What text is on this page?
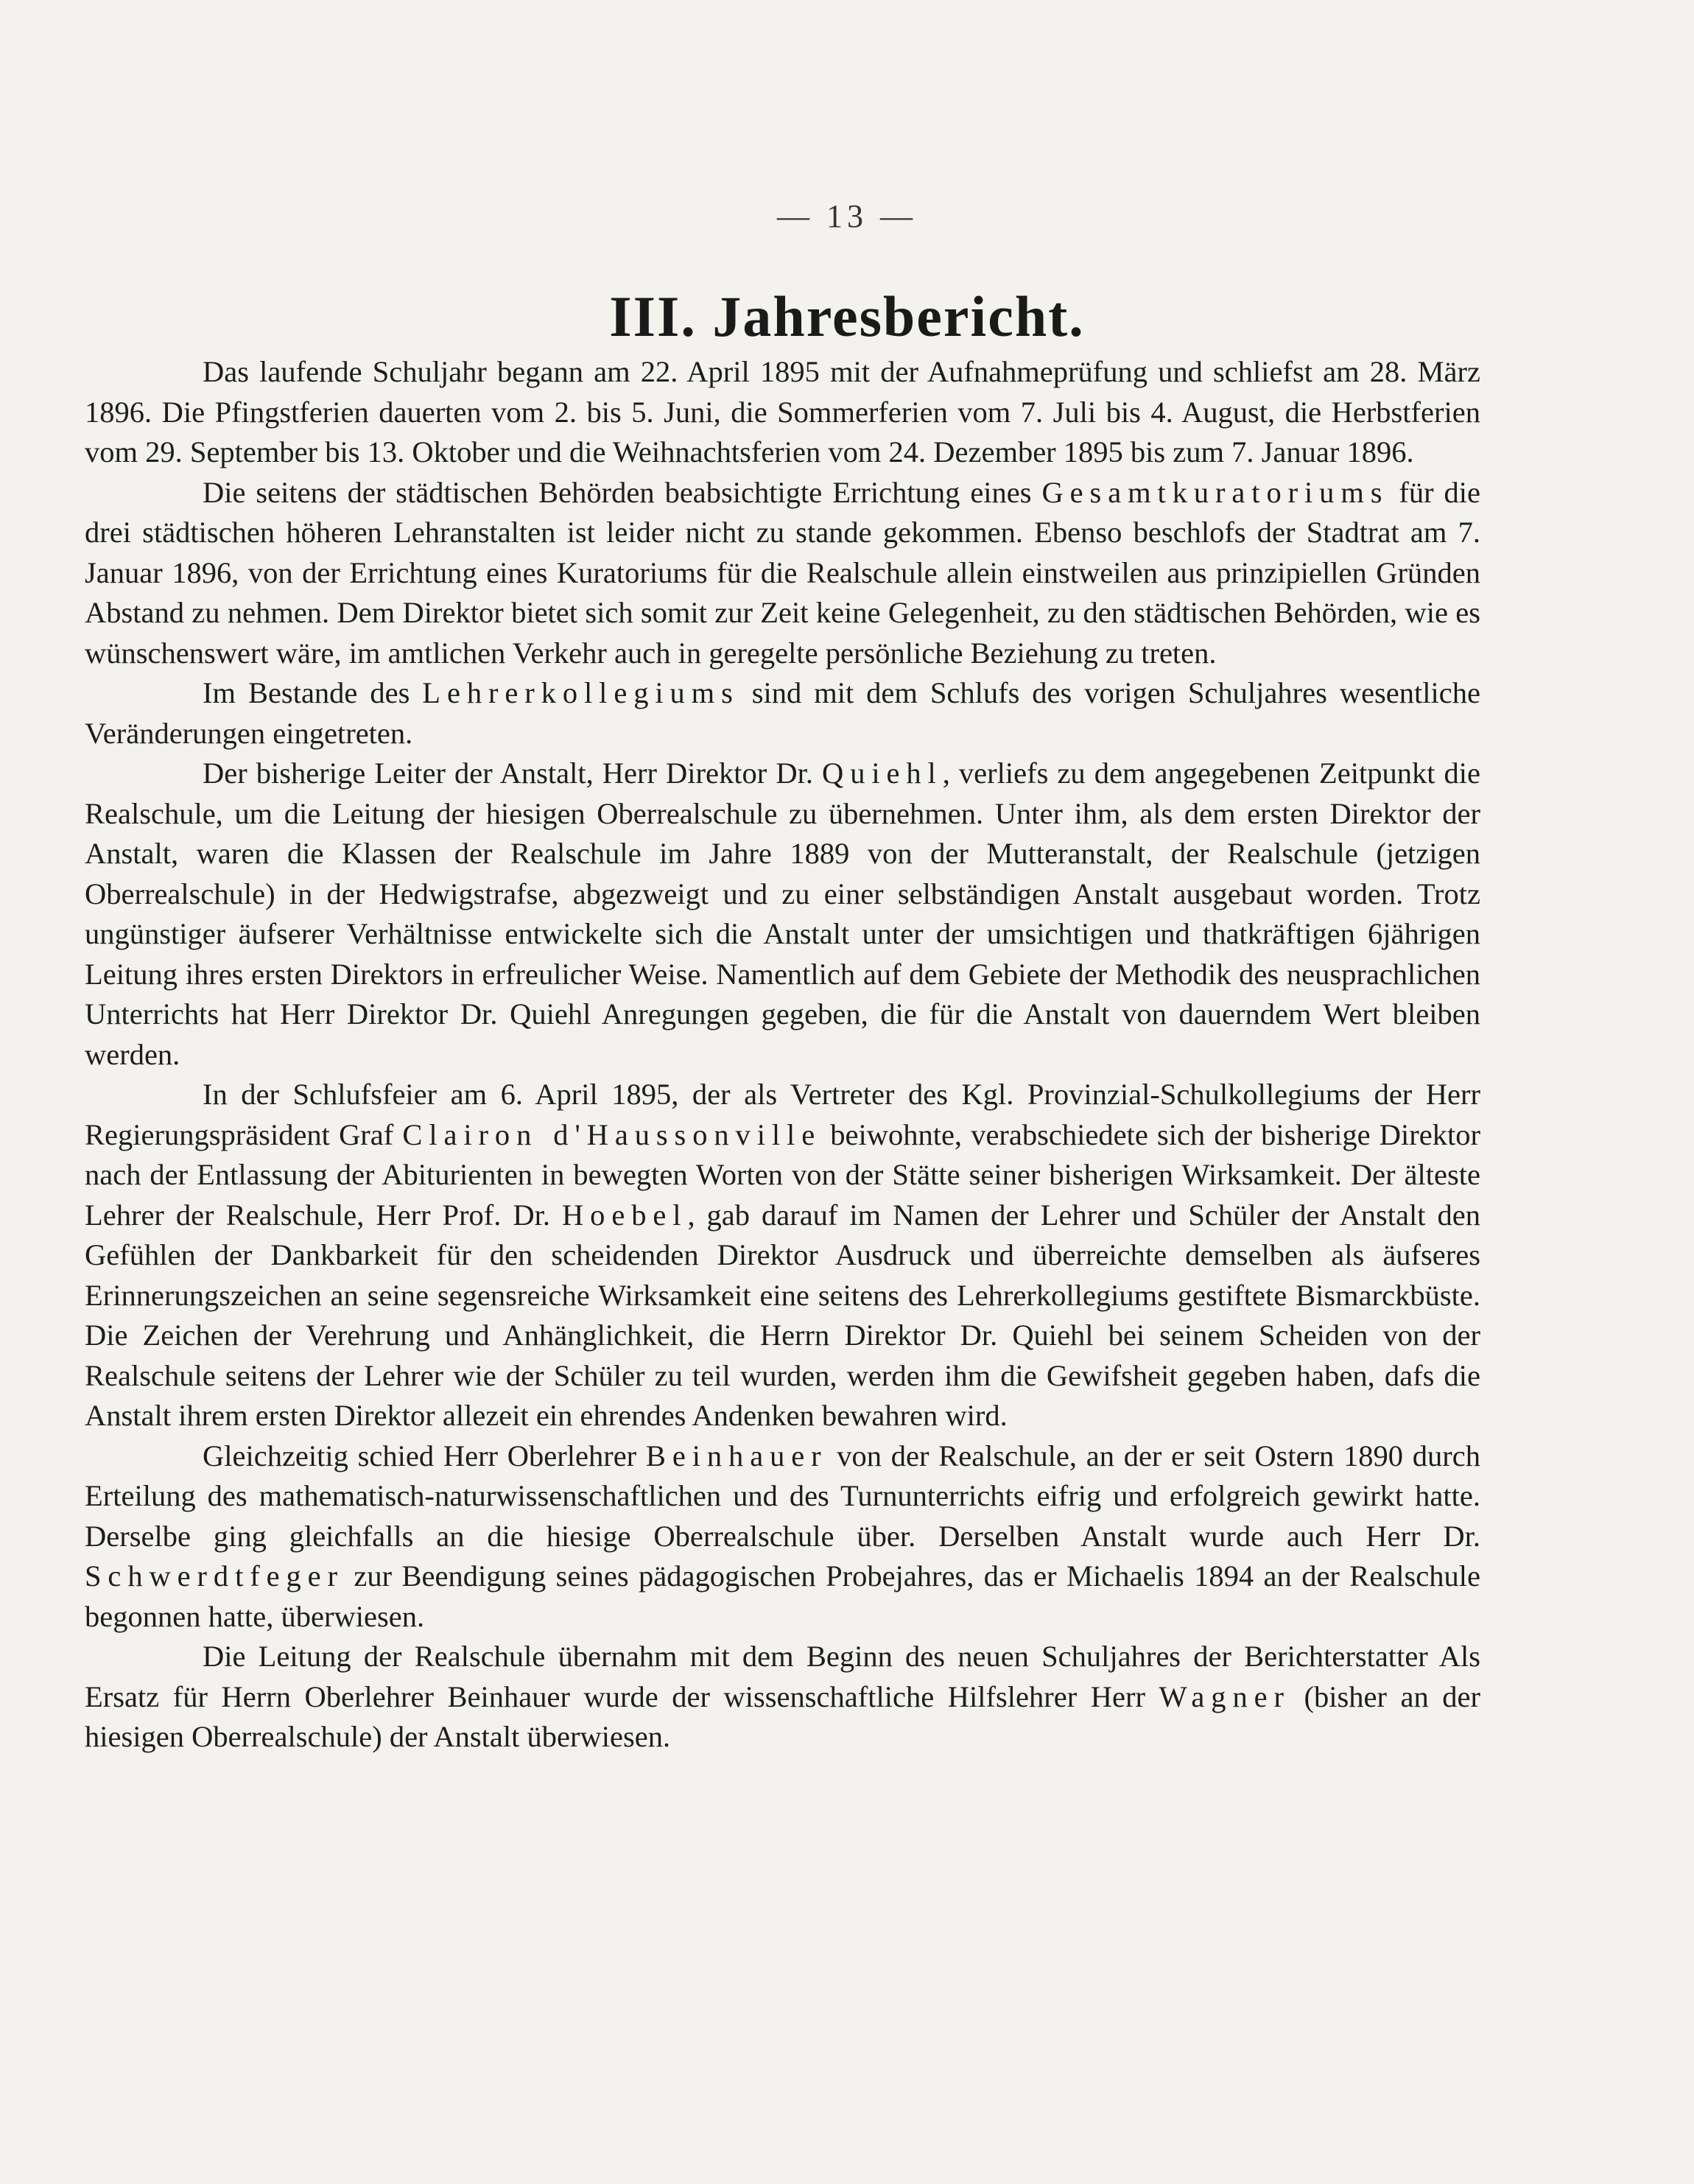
— 13 —
III. Jahresbericht.

Das laufende Schuljahr begann am 22. April 1895 mit der Aufnahmeprüfung und schliefst am 28. März 1896. Die Pfingstferien dauerten vom 2. bis 5. Juni, die Sommerferien vom 7. Juli bis 4. August, die Herbstferien vom 29. September bis 13. Oktober und die Weihnachtsferien vom 24. Dezember 1895 bis zum 7. Januar 1896.

Die seitens der städtischen Behörden beabsichtigte Errichtung eines Gesamtkuratoriums für die drei städtischen höheren Lehranstalten ist leider nicht zu stande gekommen. Ebenso beschlofs der Stadtrat am 7. Januar 1896, von der Errichtung eines Kuratoriums für die Realschule allein einstweilen aus prinzipiellen Gründen Abstand zu nehmen. Dem Direktor bietet sich somit zur Zeit keine Gelegenheit, zu den städtischen Behörden, wie es wünschenswert wäre, im amtlichen Verkehr auch in geregelte persönliche Beziehung zu treten.

Im Bestande des Lehrerkollegiums sind mit dem Schlufs des vorigen Schuljahres wesentliche Veränderungen eingetreten.

Der bisherige Leiter der Anstalt, Herr Direktor Dr. Quiehl, verliefs zu dem angegebenen Zeitpunkt die Realschule, um die Leitung der hiesigen Oberrealschule zu übernehmen. Unter ihm, als dem ersten Direktor der Anstalt, waren die Klassen der Realschule im Jahre 1889 von der Mutteranstalt, der Realschule (jetzigen Oberrealschule) in der Hedwigstrafse, abgezweigt und zu einer selbständigen Anstalt ausgebaut worden. Trotz ungünstiger äufserer Verhältnisse entwickelte sich die Anstalt unter der umsichtigen und thatkräftigen 6jährigen Leitung ihres ersten Direktors in erfreulicher Weise. Namentlich auf dem Gebiete der Methodik des neusprachlichen Unterrichts hat Herr Direktor Dr. Quiehl Anregungen gegeben, die für die Anstalt von dauerndem Wert bleiben werden.

In der Schlufsfeier am 6. April 1895, der als Vertreter des Kgl. Provinzial-Schulkollegiums der Herr Regierungspräsident Graf Clairon d'Haussonville beiwohnte, verabschiedete sich der bisherige Direktor nach der Entlassung der Abiturienten in bewegten Worten von der Stätte seiner bisherigen Wirksamkeit. Der älteste Lehrer der Realschule, Herr Prof. Dr. Hoebel, gab darauf im Namen der Lehrer und Schüler der Anstalt den Gefühlen der Dankbarkeit für den scheidenden Direktor Ausdruck und überreichte demselben als äufseres Erinnerungszeichen an seine segensreiche Wirksamkeit eine seitens des Lehrerkollegiums gestiftete Bismarckbüste. Die Zeichen der Verehrung und Anhänglichkeit, die Herrn Direktor Dr. Quiehl bei seinem Scheiden von der Realschule seitens der Lehrer wie der Schüler zu teil wurden, werden ihm die Gewifsheit gegeben haben, dafs die Anstalt ihrem ersten Direktor allezeit ein ehrendes Andenken bewahren wird.

Gleichzeitig schied Herr Oberlehrer Beinhauer von der Realschule, an der er seit Ostern 1890 durch Erteilung des mathematisch-naturwissenschaftlichen und des Turnunterrichts eifrig und erfolgreich gewirkt hatte. Derselbe ging gleichfalls an die hiesige Oberrealschule über. Derselben Anstalt wurde auch Herr Dr. Schwerdtfeger zur Beendigung seines pädagogischen Probejahres, das er Michaelis 1894 an der Realschule begonnen hatte, überwiesen.

Die Leitung der Realschule übernahm mit dem Beginn des neuen Schuljahres der Berichterstatter Als Ersatz für Herrn Oberlehrer Beinhauer wurde der wissenschaftliche Hilfslehrer Herr Wagner (bisher an der hiesigen Oberrealschule) der Anstalt überwiesen.
